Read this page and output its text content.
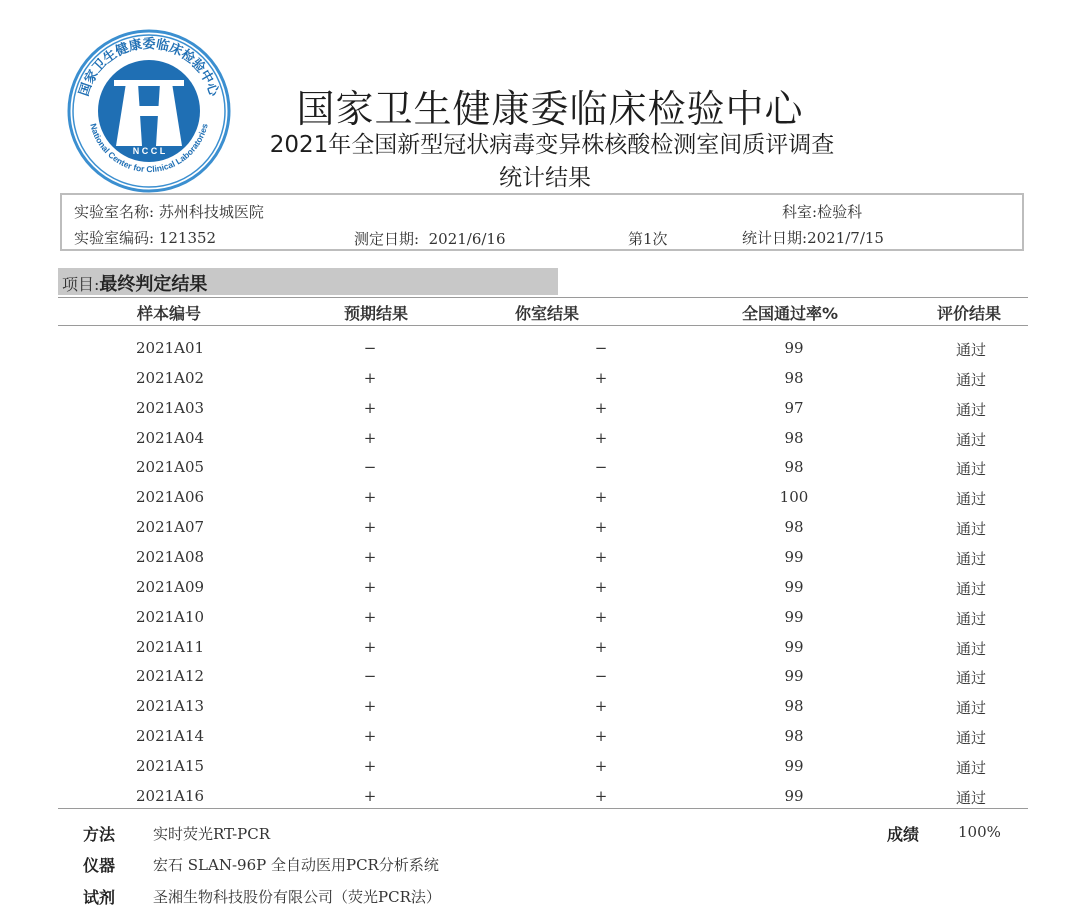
国家卫生健康委临床检验中心
National Center for Clinical Laboratories
N C C L
国家卫生健康委临床检验中心
2021年全国新型冠状病毒变异株核酸检测室间质评调查
统计结果
实验室名称: 苏州科技城医院	科室:检验科
实验室编码: 121352	测定日期: 2021/6/16	第1次	统计日期:2021/7/15
项目:最终判定结果
样本编号	预期结果	你室结果	全国通过率%	评价结果
2021A01	−	−	99	通过
2021A02	+	+	98	通过
2021A03	+	+	97	通过
2021A04	+	+	98	通过
2021A05	−	−	98	通过
2021A06	+	+	100	通过
2021A07	+	+	98	通过
2021A08	+	+	99	通过
2021A09	+	+	99	通过
2021A10	+	+	99	通过
2021A11	+	+	99	通过
2021A12	−	−	99	通过
2021A13	+	+	98	通过
2021A14	+	+	98	通过
2021A15	+	+	99	通过
2021A16	+	+	99	通过
方法	实时荧光RT-PCR	成绩	100%
仪器	宏石 SLAN-96P 全自动医用PCR分析系统
试剂	圣湘生物科技股份有限公司（荧光PCR法）
